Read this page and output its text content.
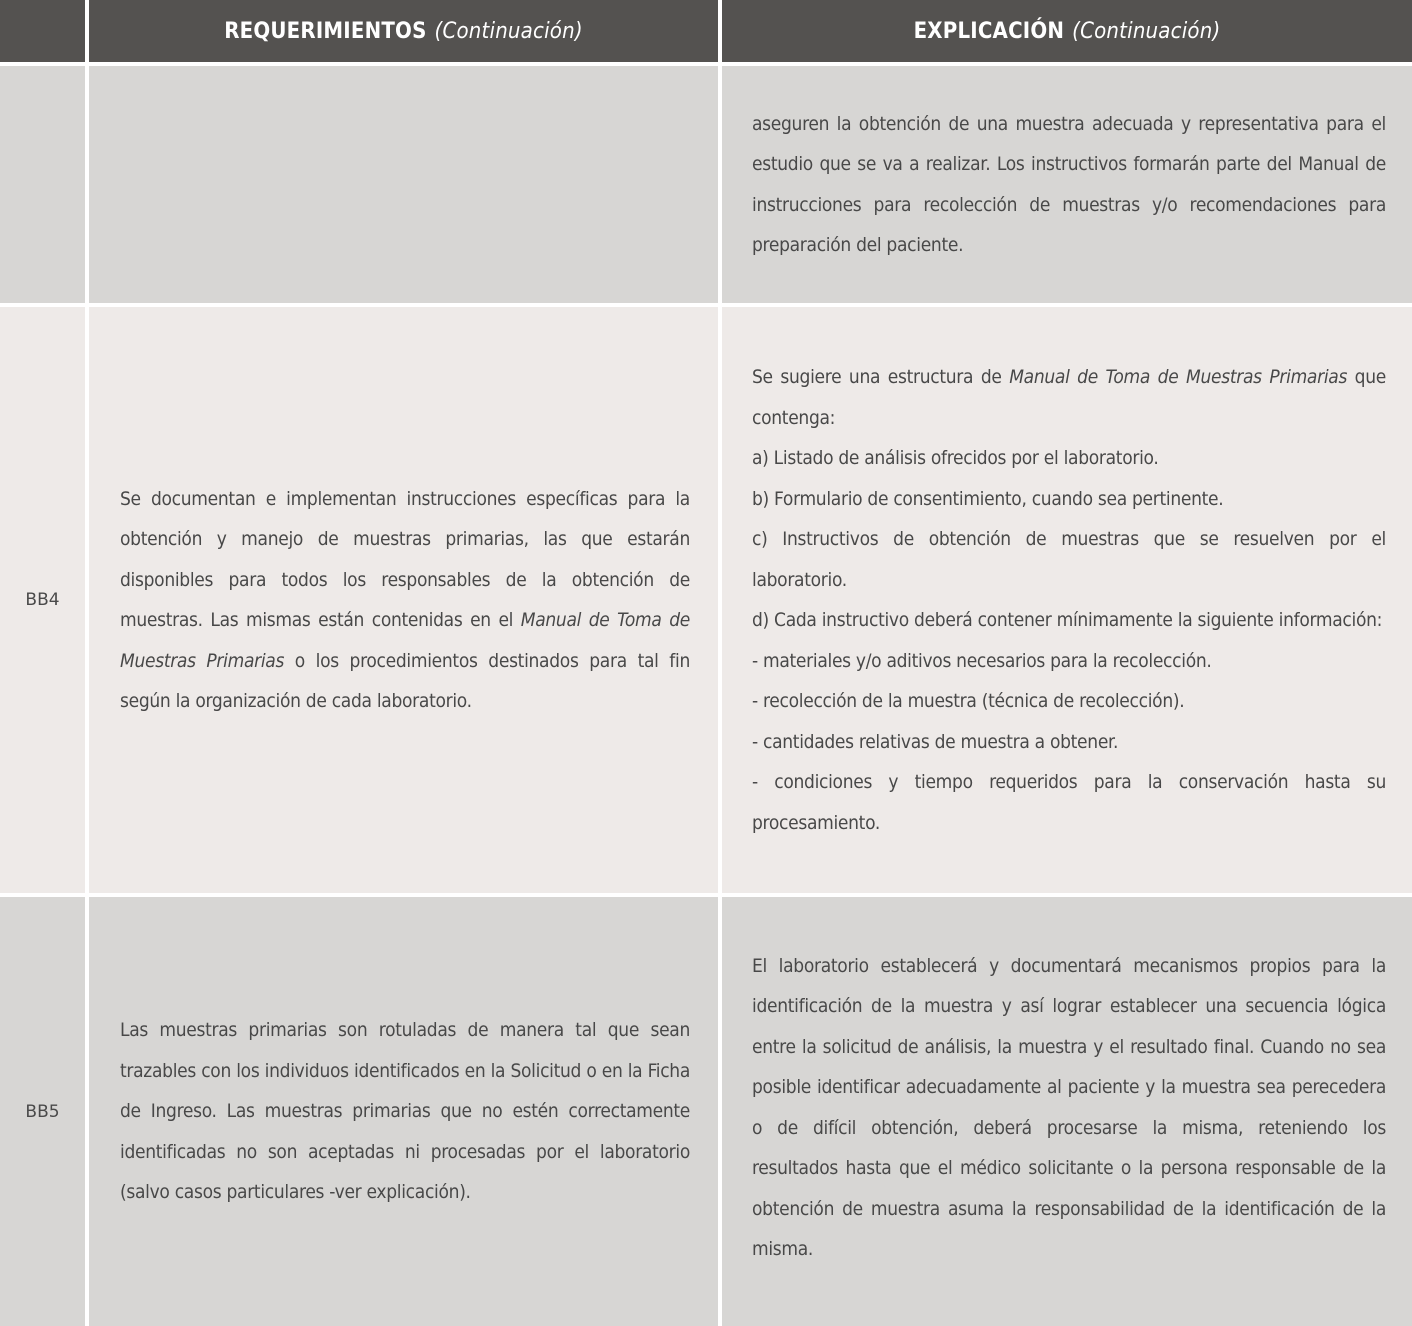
REQUERIMIENTOS (Continuación)	EXPLICACIÓN (Continuación)

aseguren la obtención de una muestra adecuada y representativa para el estudio que se va a realizar. Los instructivos formarán parte del Manual de instrucciones para recolección de muestras y/o recomendaciones para preparación del paciente.

BB4

Se documentan e implementan instrucciones específicas para la obtención y manejo de muestras primarias, las que estarán disponibles para todos los responsables de la obtención de muestras. Las mismas están contenidas en el Manual de Toma de Muestras Primarias o los procedimientos destinados para tal fin según la organización de cada laboratorio.

Se sugiere una estructura de Manual de Toma de Muestras Primarias que contenga:

a) Listado de análisis ofrecidos por el laboratorio.

b) Formulario de consentimiento, cuando sea pertinente.

c) Instructivos de obtención de muestras que se resuelven por el laboratorio.

d) Cada instructivo deberá contener mínimamente la siguiente información:

- materiales y/o aditivos necesarios para la recolección.

- recolección de la muestra (técnica de recolección).

- cantidades relativas de muestra a obtener.

- condiciones y tiempo requeridos para la conservación hasta su procesamiento.

BB5

Las muestras primarias son rotuladas de manera tal que sean trazables con los individuos identificados en la Solicitud o en la Ficha de Ingreso. Las muestras primarias que no estén correctamente identificadas no son aceptadas ni procesadas por el laboratorio (salvo casos particulares -ver explicación).

El laboratorio establecerá y documentará mecanismos propios para la identificación de la muestra y así lograr establecer una secuencia lógica entre la solicitud de análisis, la muestra y el resultado final. Cuando no sea posible identificar adecuadamente al paciente y la muestra sea perecedera o de difícil obtención, deberá procesarse la misma, reteniendo los resultados hasta que el médico solicitante o la persona responsable de la obtención de muestra asuma la responsabilidad de la identificación de la misma.
